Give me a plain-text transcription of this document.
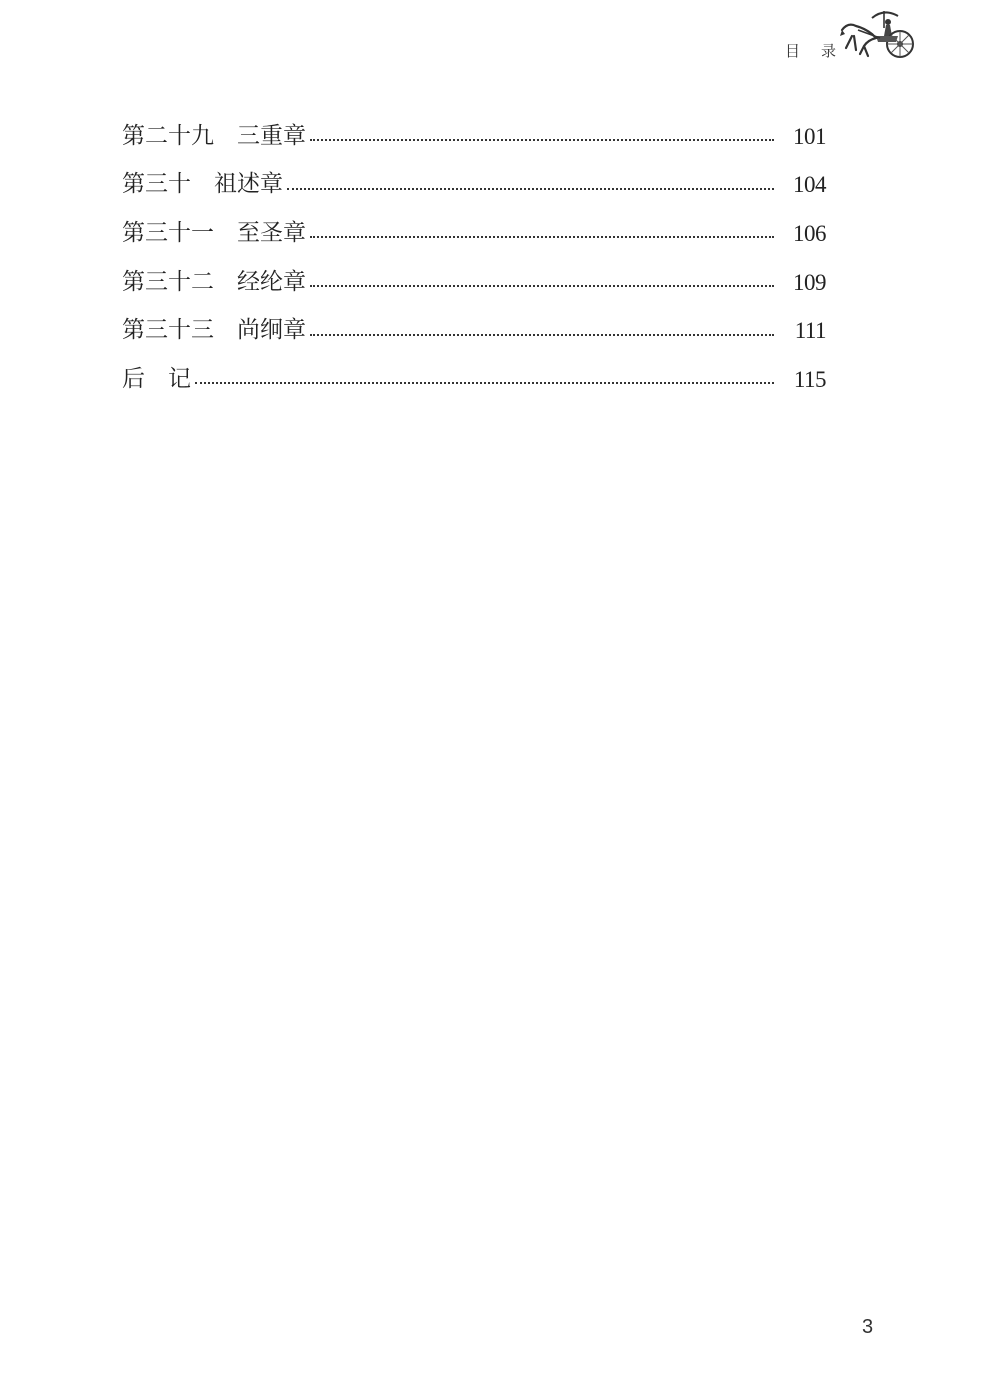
目 录
第二十九　三重章	101
第三十　祖述章	104
第三十一　至圣章	106
第三十二　经纶章	109
第三十三　尚䌹章	111
后　记	115
3
